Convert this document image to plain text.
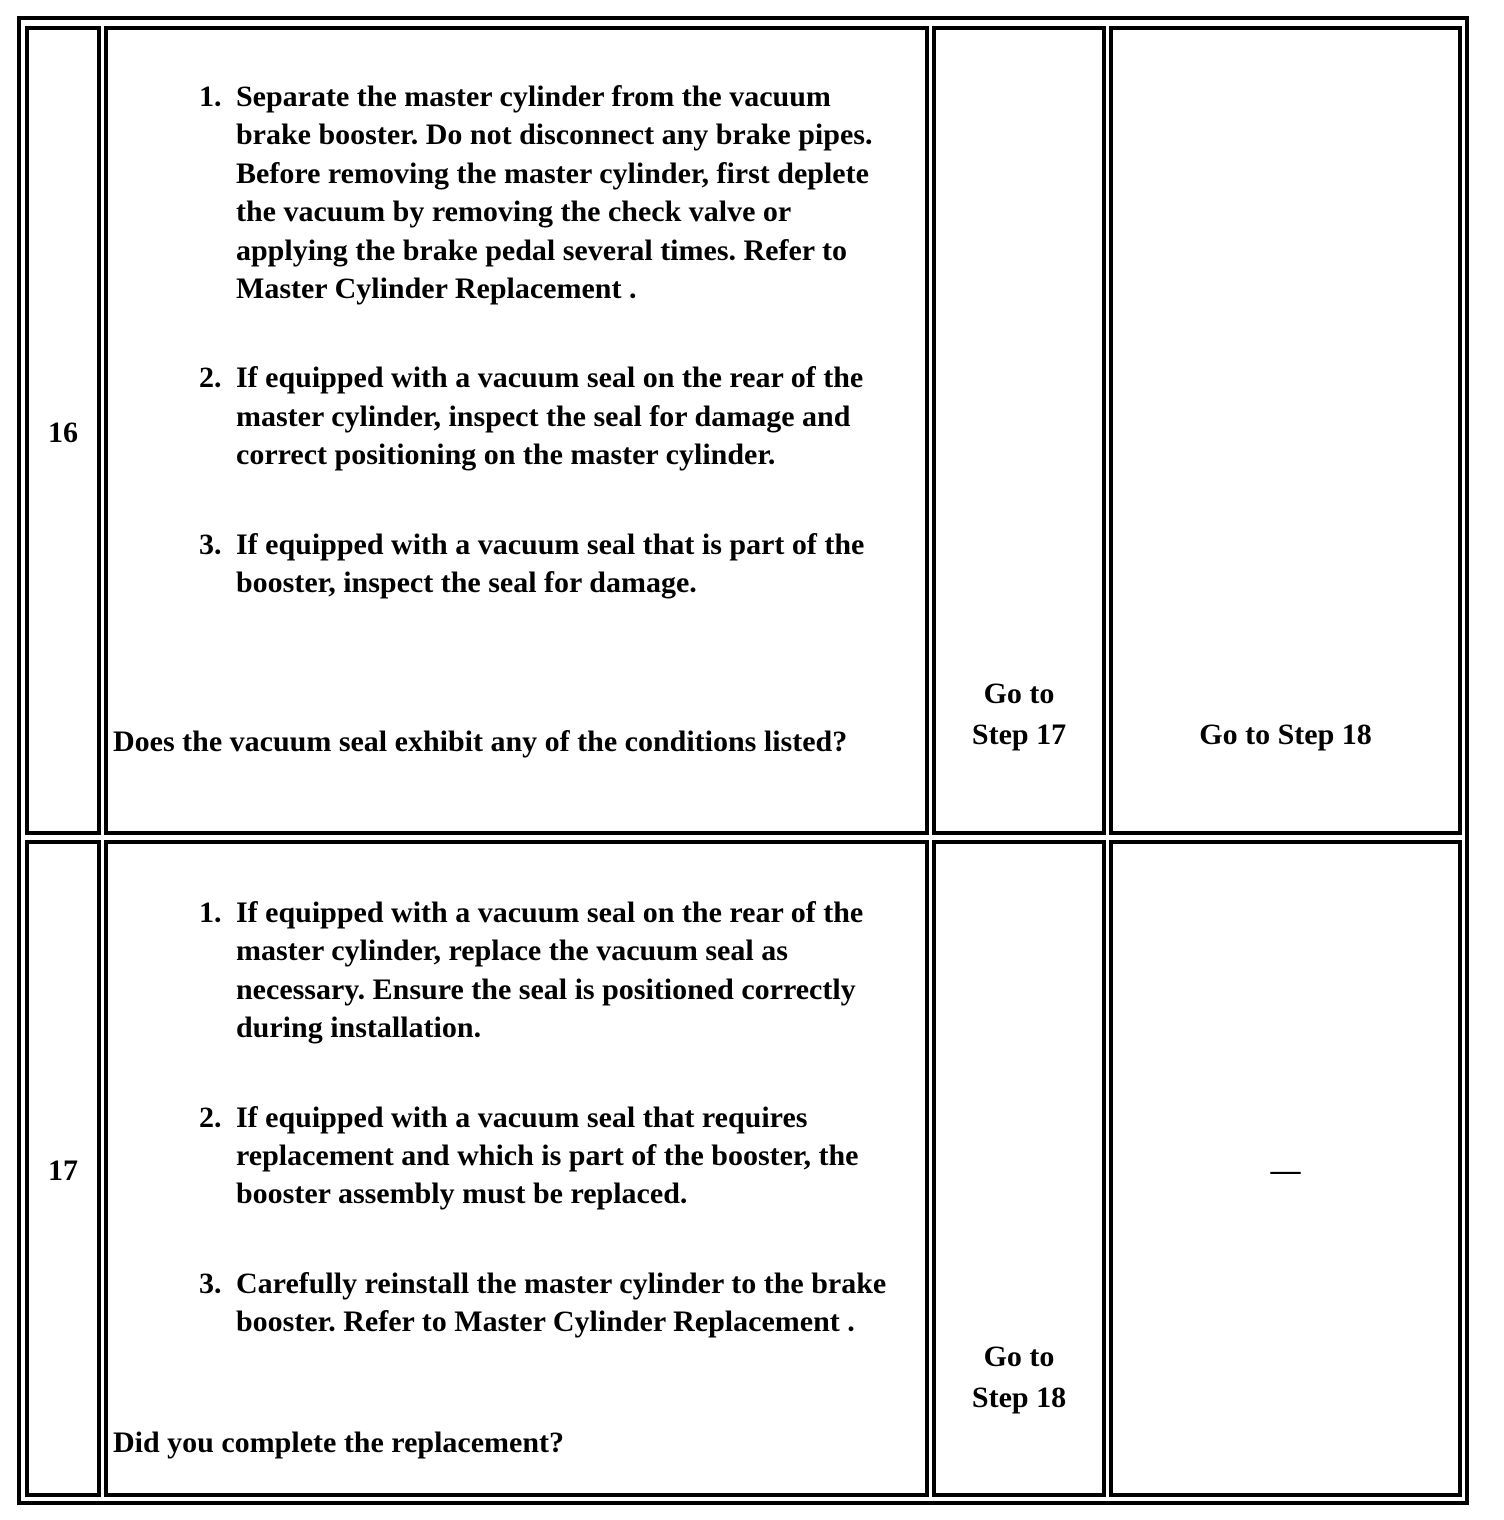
16
1. Separate the master cylinder from the vacuum brake booster. Do not disconnect any brake pipes. Before removing the master cylinder, first deplete the vacuum by removing the check valve or applying the brake pedal several times. Refer to Master Cylinder Replacement .
2. If equipped with a vacuum seal on the rear of the master cylinder, inspect the seal for damage and correct positioning on the master cylinder.
3. If equipped with a vacuum seal that is part of the booster, inspect the seal for damage.
Does the vacuum seal exhibit any of the conditions listed?
Go to Step 17	Go to Step 18
17
1. If equipped with a vacuum seal on the rear of the master cylinder, replace the vacuum seal as necessary. Ensure the seal is positioned correctly during installation.
2. If equipped with a vacuum seal that requires replacement and which is part of the booster, the booster assembly must be replaced.
3. Carefully reinstall the master cylinder to the brake booster. Refer to Master Cylinder Replacement .
Did you complete the replacement?
Go to Step 18
—
